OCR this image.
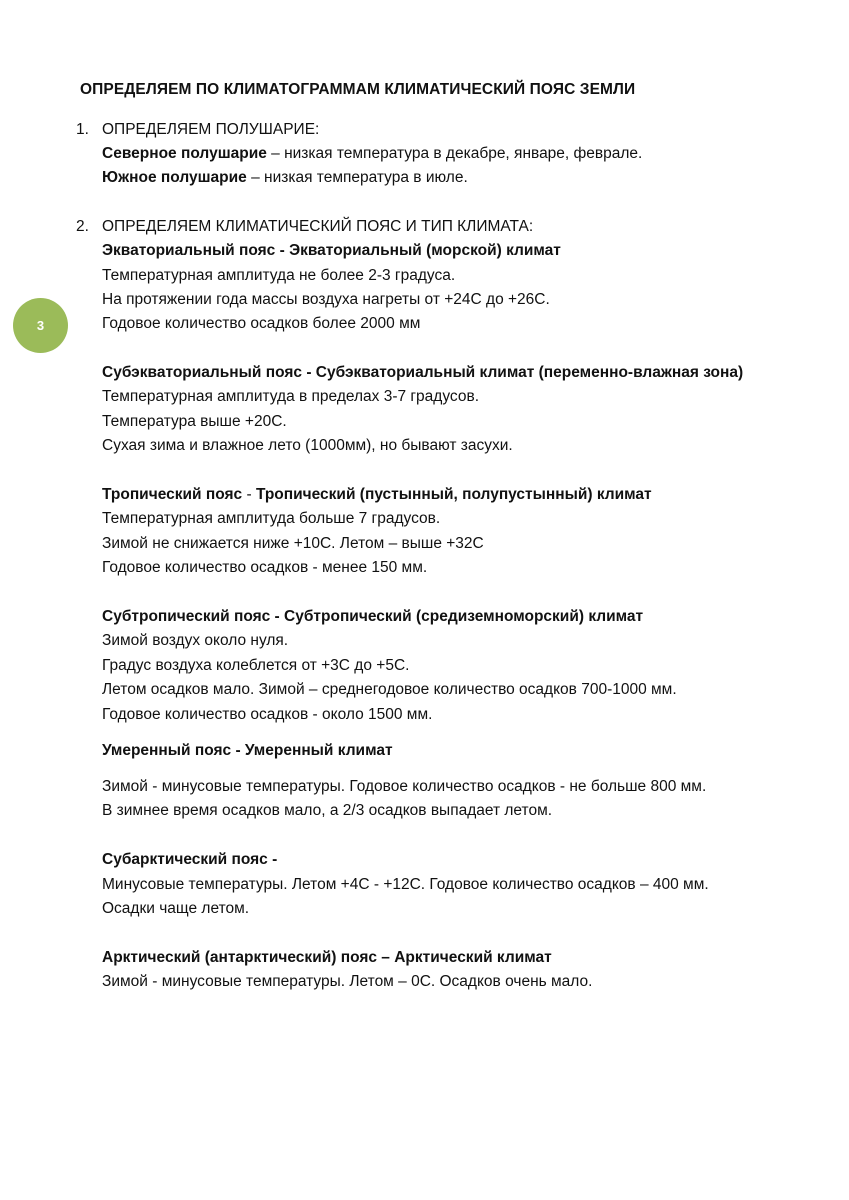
3
ОПРЕДЕЛЯЕМ ПО КЛИМАТОГРАММАМ КЛИМАТИЧЕСКИЙ ПОЯС ЗЕМЛИ
1. ОПРЕДЕЛЯЕМ ПОЛУШАРИЕ:
Северное полушарие – низкая температура в декабре, январе, феврале.
Южное полушарие – низкая температура в июле.
2. ОПРЕДЕЛЯЕМ КЛИМАТИЧЕСКИЙ ПОЯС И ТИП КЛИМАТА:
Экваториальный пояс - Экваториальный (морской) климат
Температурная амплитуда не более 2-3 градуса.
На протяжении года массы воздуха нагреты от +24С до +26С.
Годовое количество осадков более 2000 мм
Субэкваториальный пояс - Субэкваториальный климат (переменно-влажная зона)
Температурная амплитуда в пределах 3-7 градусов.
Температура выше +20С.
Сухая зима и влажное лето (1000мм), но бывают засухи.
Тропический пояс - Тропический (пустынный, полупустынный) климат
Температурная амплитуда больше 7 градусов.
Зимой не снижается ниже +10С. Летом – выше +32С
Годовое количество осадков - менее 150 мм.
Субтропический пояс - Субтропический (средиземноморский) климат
Зимой воздух около нуля.
Градус воздуха колеблется от +3С до +5С.
Летом осадков мало. Зимой – среднегодовое количество осадков 700-1000 мм.
Годовое количество осадков - около 1500 мм.
Умеренный пояс - Умеренный климат
Зимой - минусовые температуры. Годовое количество осадков - не больше 800 мм.
В зимнее время осадков мало, а 2/3 осадков выпадает летом.
Субарктический пояс -
Минусовые температуры. Летом +4С - +12С. Годовое количество осадков – 400 мм.
Осадки чаще летом.
Арктический (антарктический) пояс – Арктический климат
Зимой - минусовые температуры. Летом – 0С. Осадков очень мало.
